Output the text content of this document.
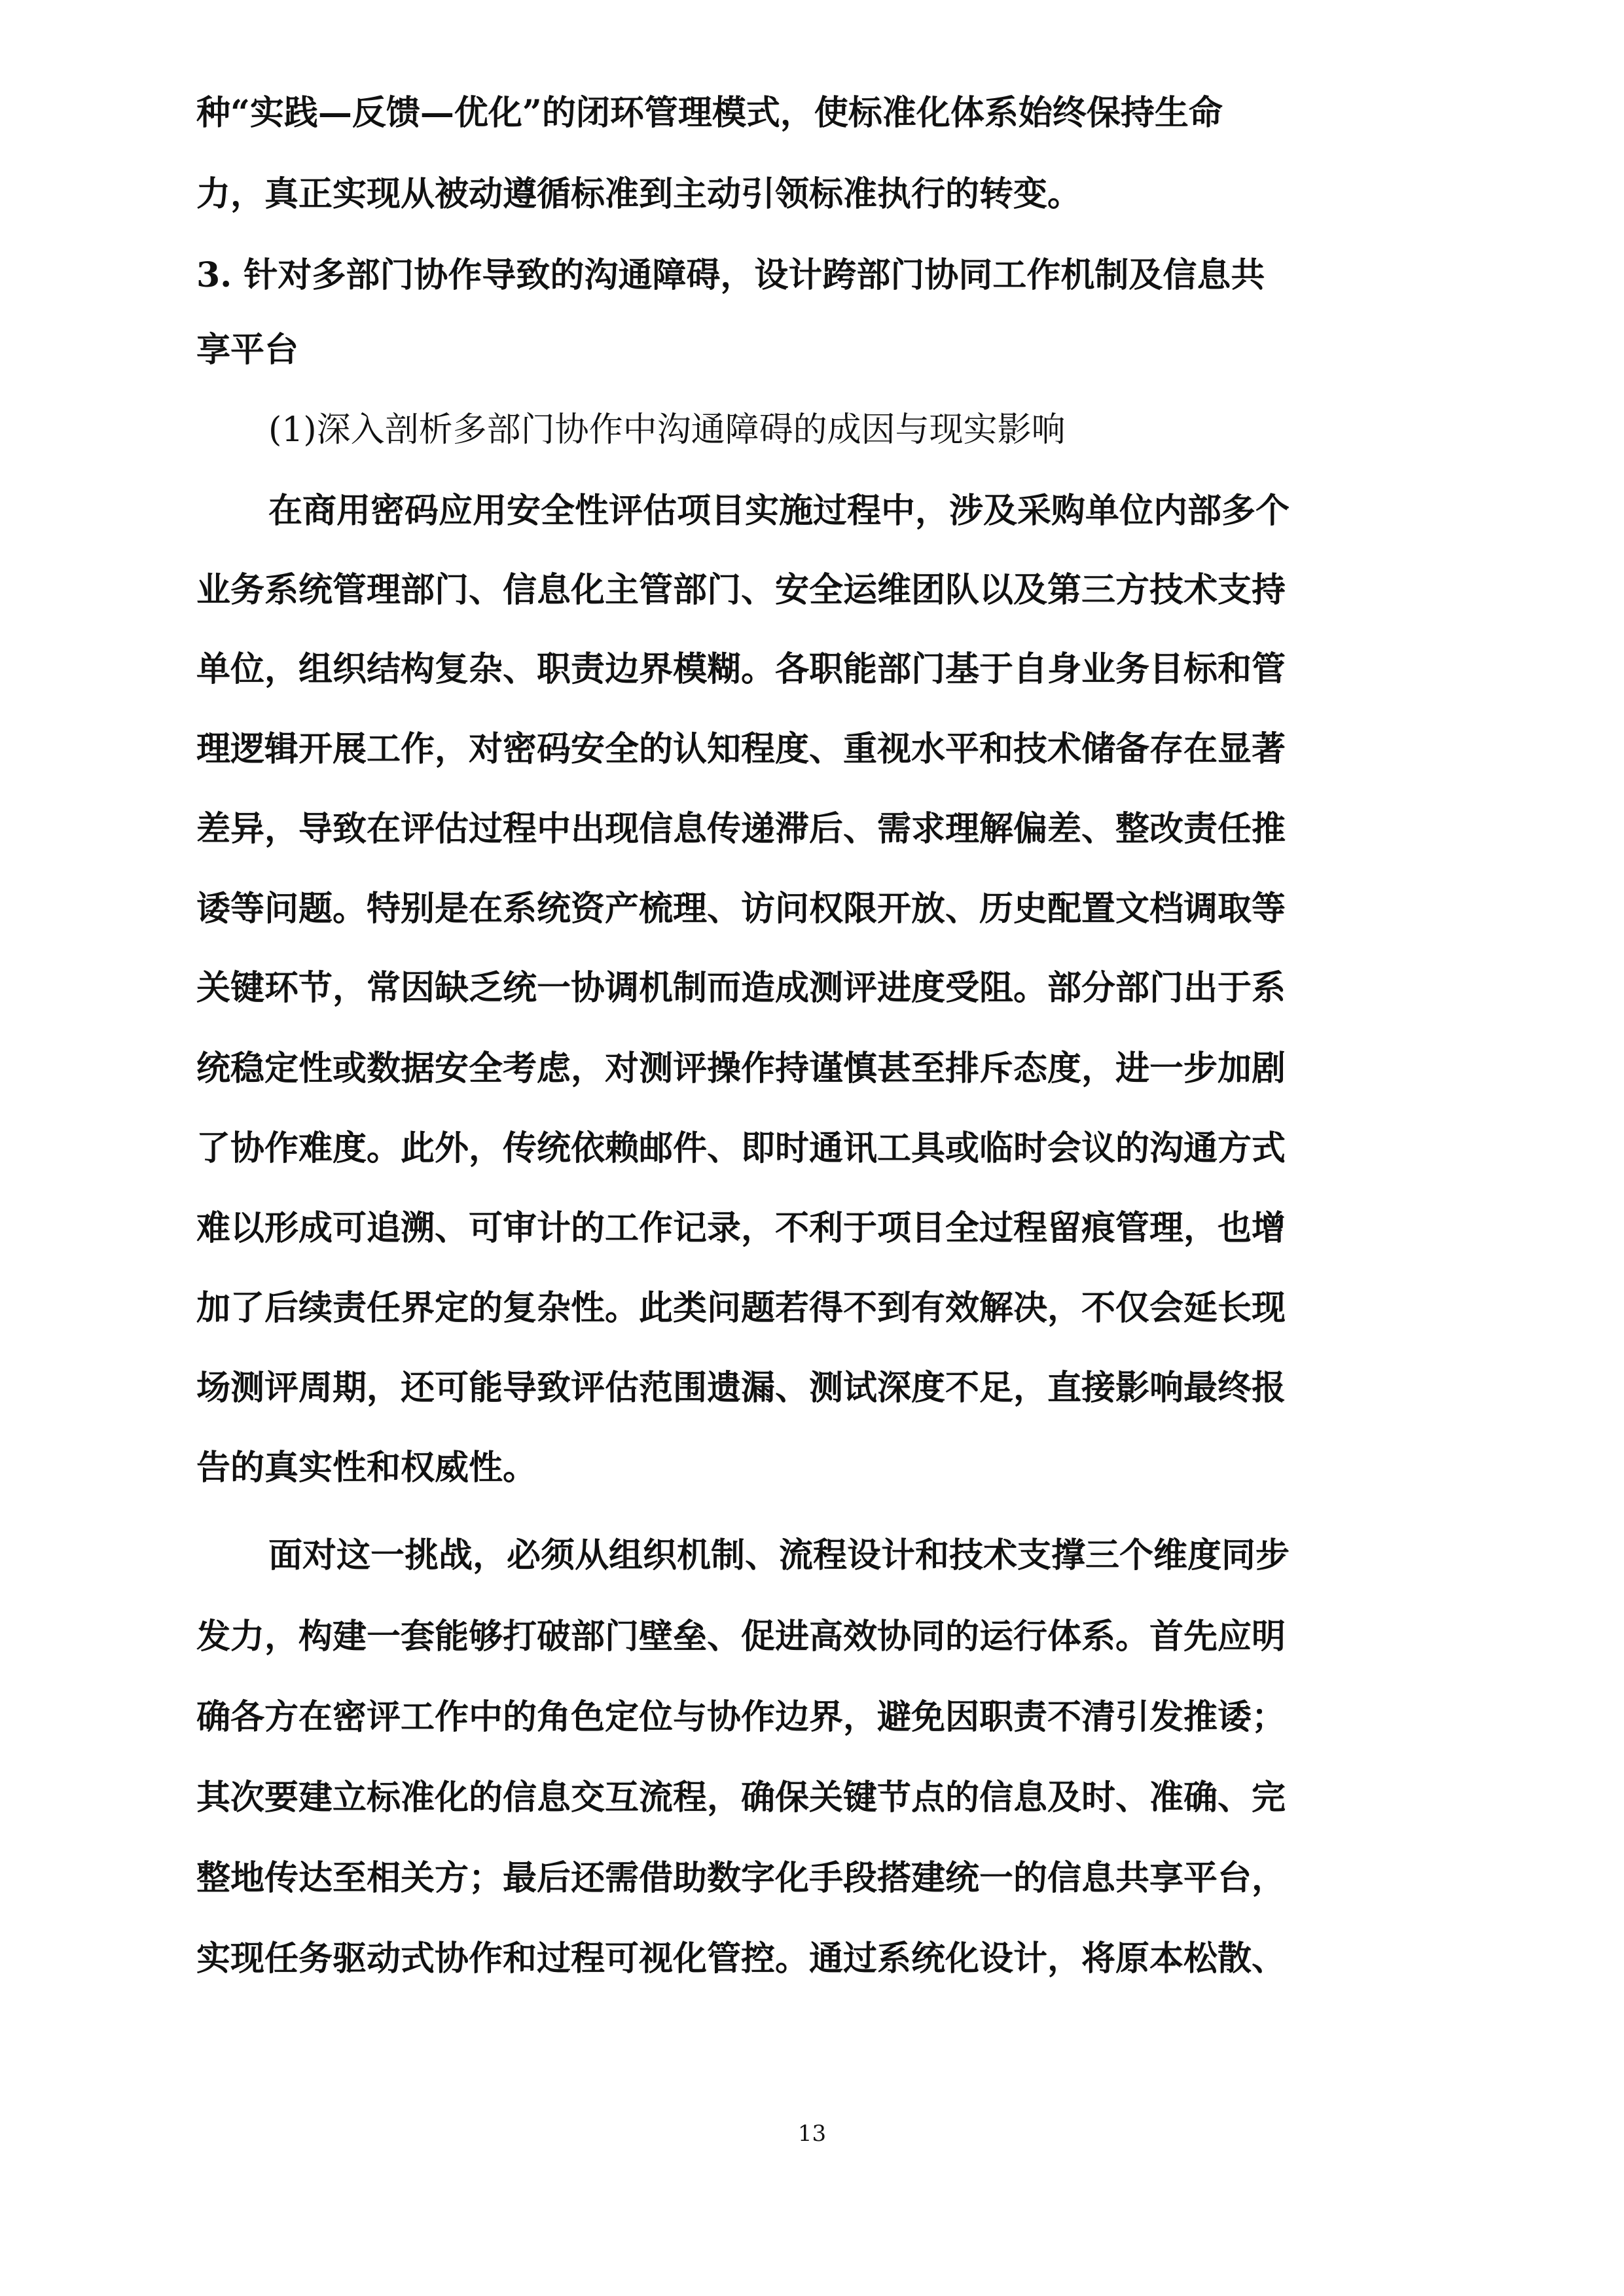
种“实践—反馈—优化”的闭环管理模式，使标准化体系始终保持生命

力，真正实现从被动遵循标准到主动引领标准执行的转变。

3. 针对多部门协作导致的沟通障碍，设计跨部门协同工作机制及信息共

享平台

(1)深入剖析多部门协作中沟通障碍的成因与现实影响

在商用密码应用安全性评估项目实施过程中，涉及采购单位内部多个

业务系统管理部门、信息化主管部门、安全运维团队以及第三方技术支持

单位，组织结构复杂、职责边界模糊。各职能部门基于自身业务目标和管

理逻辑开展工作，对密码安全的认知程度、重视水平和技术储备存在显著

差异，导致在评估过程中出现信息传递滞后、需求理解偏差、整改责任推

诿等问题。特别是在系统资产梳理、访问权限开放、历史配置文档调取等

关键环节，常因缺乏统一协调机制而造成测评进度受阻。部分部门出于系

统稳定性或数据安全考虑，对测评操作持谨慎甚至排斥态度，进一步加剧

了协作难度。此外，传统依赖邮件、即时通讯工具或临时会议的沟通方式

难以形成可追溯、可审计的工作记录，不利于项目全过程留痕管理，也增

加了后续责任界定的复杂性。此类问题若得不到有效解决，不仅会延长现

场测评周期，还可能导致评估范围遗漏、测试深度不足，直接影响最终报

告的真实性和权威性。

面对这一挑战，必须从组织机制、流程设计和技术支撑三个维度同步

发力，构建一套能够打破部门壁垒、促进高效协同的运行体系。首先应明

确各方在密评工作中的角色定位与协作边界，避免因职责不清引发推诿；

其次要建立标准化的信息交互流程，确保关键节点的信息及时、准确、完

整地传达至相关方；最后还需借助数字化手段搭建统一的信息共享平台，

实现任务驱动式协作和过程可视化管控。通过系统化设计，将原本松散、

13
